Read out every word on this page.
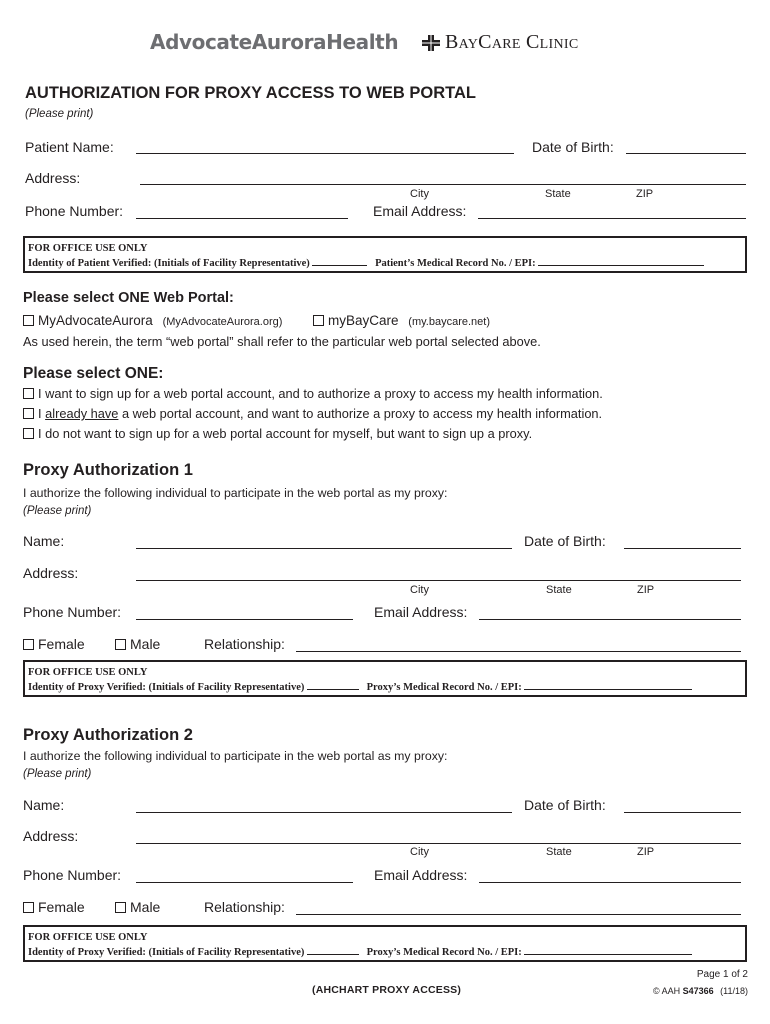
AdvocateAuroraHealth BayCare Clinic
AUTHORIZATION FOR PROXY ACCESS TO WEB PORTAL
(Please print)
Patient Name:	Date of Birth:
Address:
City	State	ZIP
Phone Number:	Email Address:
FOR OFFICE USE ONLY
Identity of Patient Verified: (Initials of Facility Representative)	Patient’s Medical Record No. / EPI:
Please select ONE Web Portal:
MyAdvocateAurora (MyAdvocateAurora.org)	myBayCare (my.baycare.net)
As used herein, the term “web portal” shall refer to the particular web portal selected above.
Please select ONE:
I want to sign up for a web portal account, and to authorize a proxy to access my health information.
I already have a web portal account, and want to authorize a proxy to access my health information.
I do not want to sign up for a web portal account for myself, but want to sign up a proxy.
Proxy Authorization 1
I authorize the following individual to participate in the web portal as my proxy:
(Please print)
Name:	Date of Birth:
Address:
City	State	ZIP
Phone Number:	Email Address:
Female	Male	Relationship:
FOR OFFICE USE ONLY
Identity of Proxy Verified: (Initials of Facility Representative)	Proxy’s Medical Record No. / EPI:
Proxy Authorization 2
I authorize the following individual to participate in the web portal as my proxy:
(Please print)
Name:	Date of Birth:
Address:
City	State	ZIP
Phone Number:	Email Address:
Female	Male	Relationship:
FOR OFFICE USE ONLY
Identity of Proxy Verified: (Initials of Facility Representative)	Proxy’s Medical Record No. / EPI:
Page 1 of 2
(AHCHART PROXY ACCESS)	© AAH S47366 (11/18)
